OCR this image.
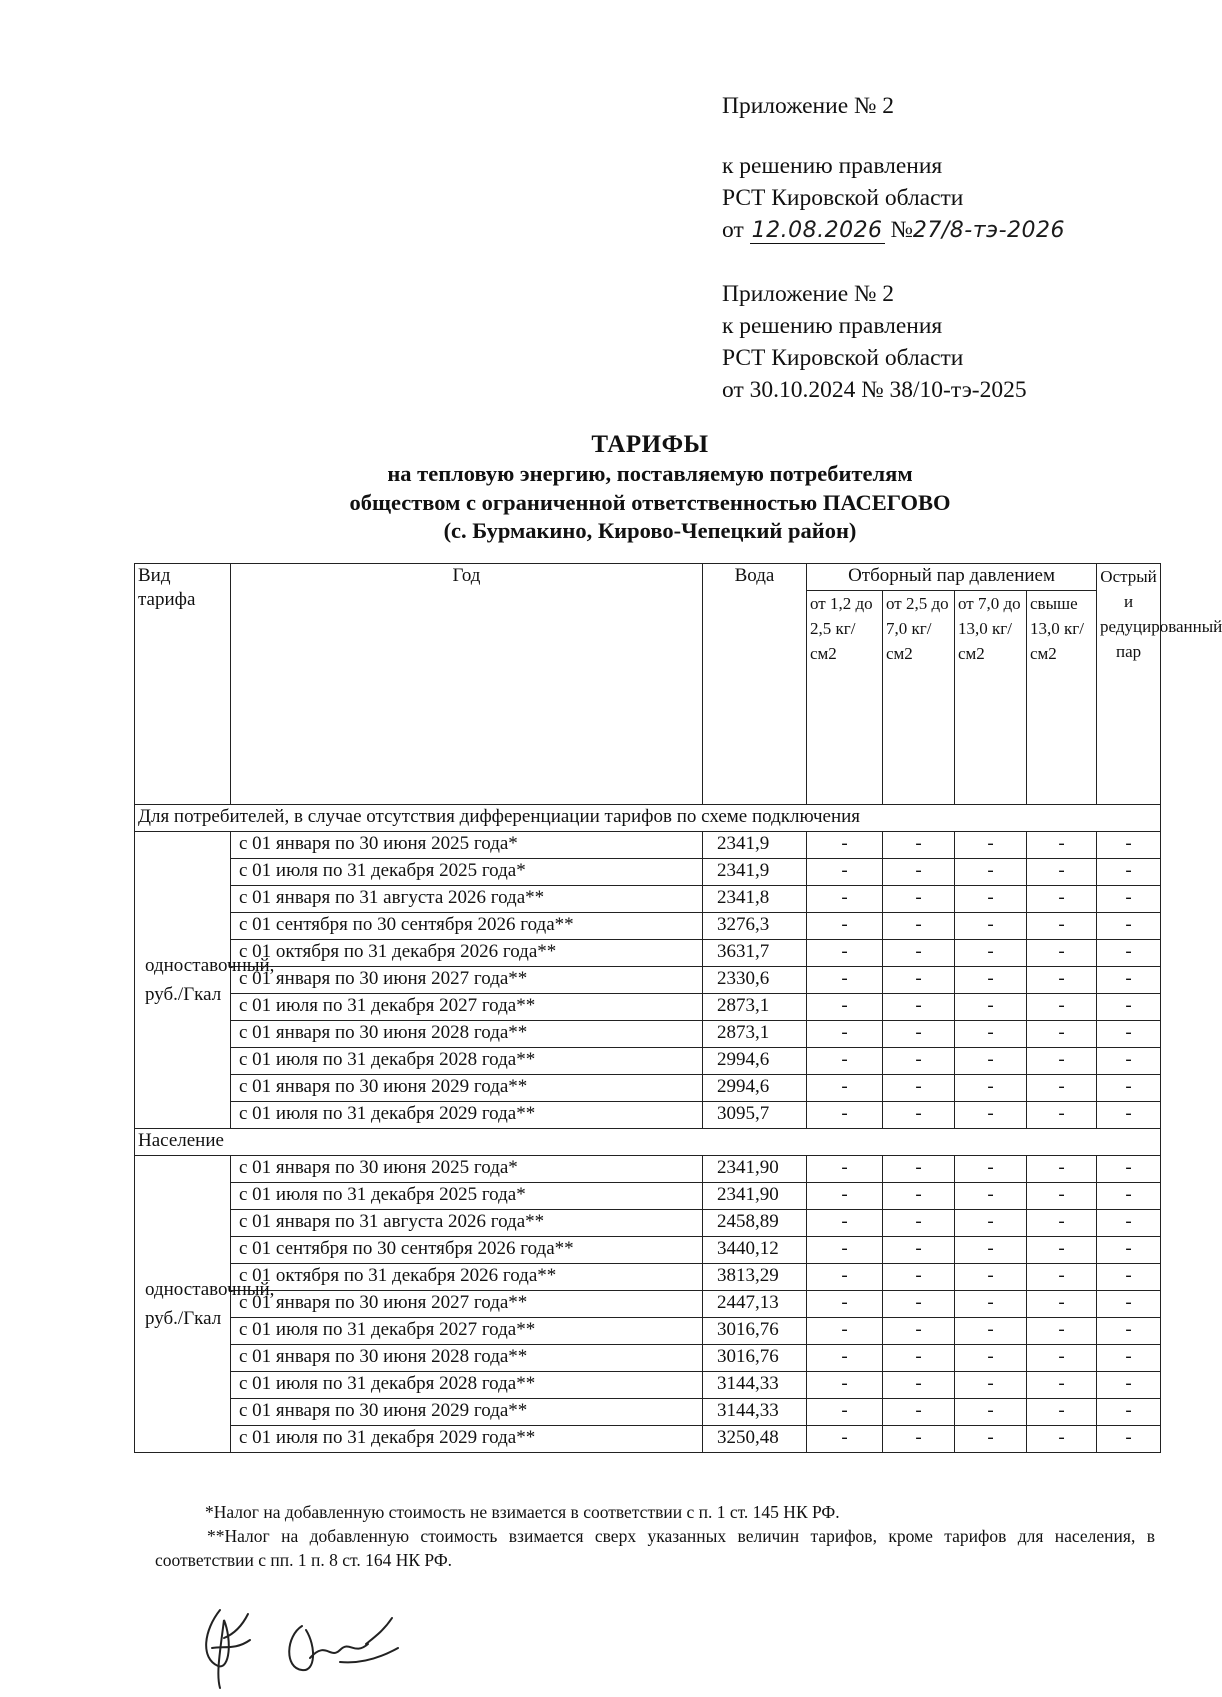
Приложение № 2
к решению правления
РСТ Кировской области
от 12.08.2026 №27/8-тэ-2026
Приложение № 2
к решению правления
РСТ Кировской области
от 30.10.2024 № 38/10-тэ-2025
ТАРИФЫ
на тепловую энергию, поставляемую потребителям
обществом с ограниченной ответственностью ПАСЕГОВО
(с. Бурмакино, Кирово-Чепецкий район)
Вид тарифа	Год	Вода	Отборный пар давлением				Острый и редуцированный пар
			от 1,2 до 2,5 кг/см2	от 2,5 до 7,0 кг/см2	от 7,0 до 13,0 кг/см2	свыше 13,0 кг/см2	
Для потребителей, в случае отсутствия дифференциации тарифов по схеме подключения							
одноставочный, руб./Гкал	с 01 января по 30 июня 2025 года*	2341,9	-	-	-	-	-
	с 01 июля по 31 декабря 2025 года*	2341,9	-	-	-	-	-
	с 01 января по 31 августа 2026 года**	2341,8	-	-	-	-	-
	с 01 сентября по 30 сентября 2026 года**	3276,3	-	-	-	-	-
	с 01 октября по 31 декабря 2026 года**	3631,7	-	-	-	-	-
	с 01 января по 30 июня 2027 года**	2330,6	-	-	-	-	-
	с 01 июля по 31 декабря 2027 года**	2873,1	-	-	-	-	-
	с 01 января по 30 июня 2028 года**	2873,1	-	-	-	-	-
	с 01 июля по 31 декабря 2028 года**	2994,6	-	-	-	-	-
	с 01 января по 30 июня 2029 года**	2994,6	-	-	-	-	-
	с 01 июля по 31 декабря 2029 года**	3095,7	-	-	-	-	-
Население							
одноставочный, руб./Гкал	с 01 января по 30 июня 2025 года*	2341,90	-	-	-	-	-
	с 01 июля по 31 декабря 2025 года*	2341,90	-	-	-	-	-
	с 01 января по 31 августа 2026 года**	2458,89	-	-	-	-	-
	с 01 сентября по 30 сентября 2026 года**	3440,12	-	-	-	-	-
	с 01 октября по 31 декабря 2026 года**	3813,29	-	-	-	-	-
	с 01 января по 30 июня 2027 года**	2447,13	-	-	-	-	-
	с 01 июля по 31 декабря 2027 года**	3016,76	-	-	-	-	-
	с 01 января по 30 июня 2028 года**	3016,76	-	-	-	-	-
	с 01 июля по 31 декабря 2028 года**	3144,33	-	-	-	-	-
	с 01 января по 30 июня 2029 года**	3144,33	-	-	-	-	-
	с 01 июля по 31 декабря 2029 года**	3250,48	-	-	-	-	-
*Налог на добавленную стоимость не взимается в соответствии с п. 1 ст. 145 НК РФ.
**Налог на добавленную стоимость взимается сверх указанных величин тарифов, кроме тарифов для населения, в соответствии с пп. 1 п. 8 ст. 164 НК РФ.
